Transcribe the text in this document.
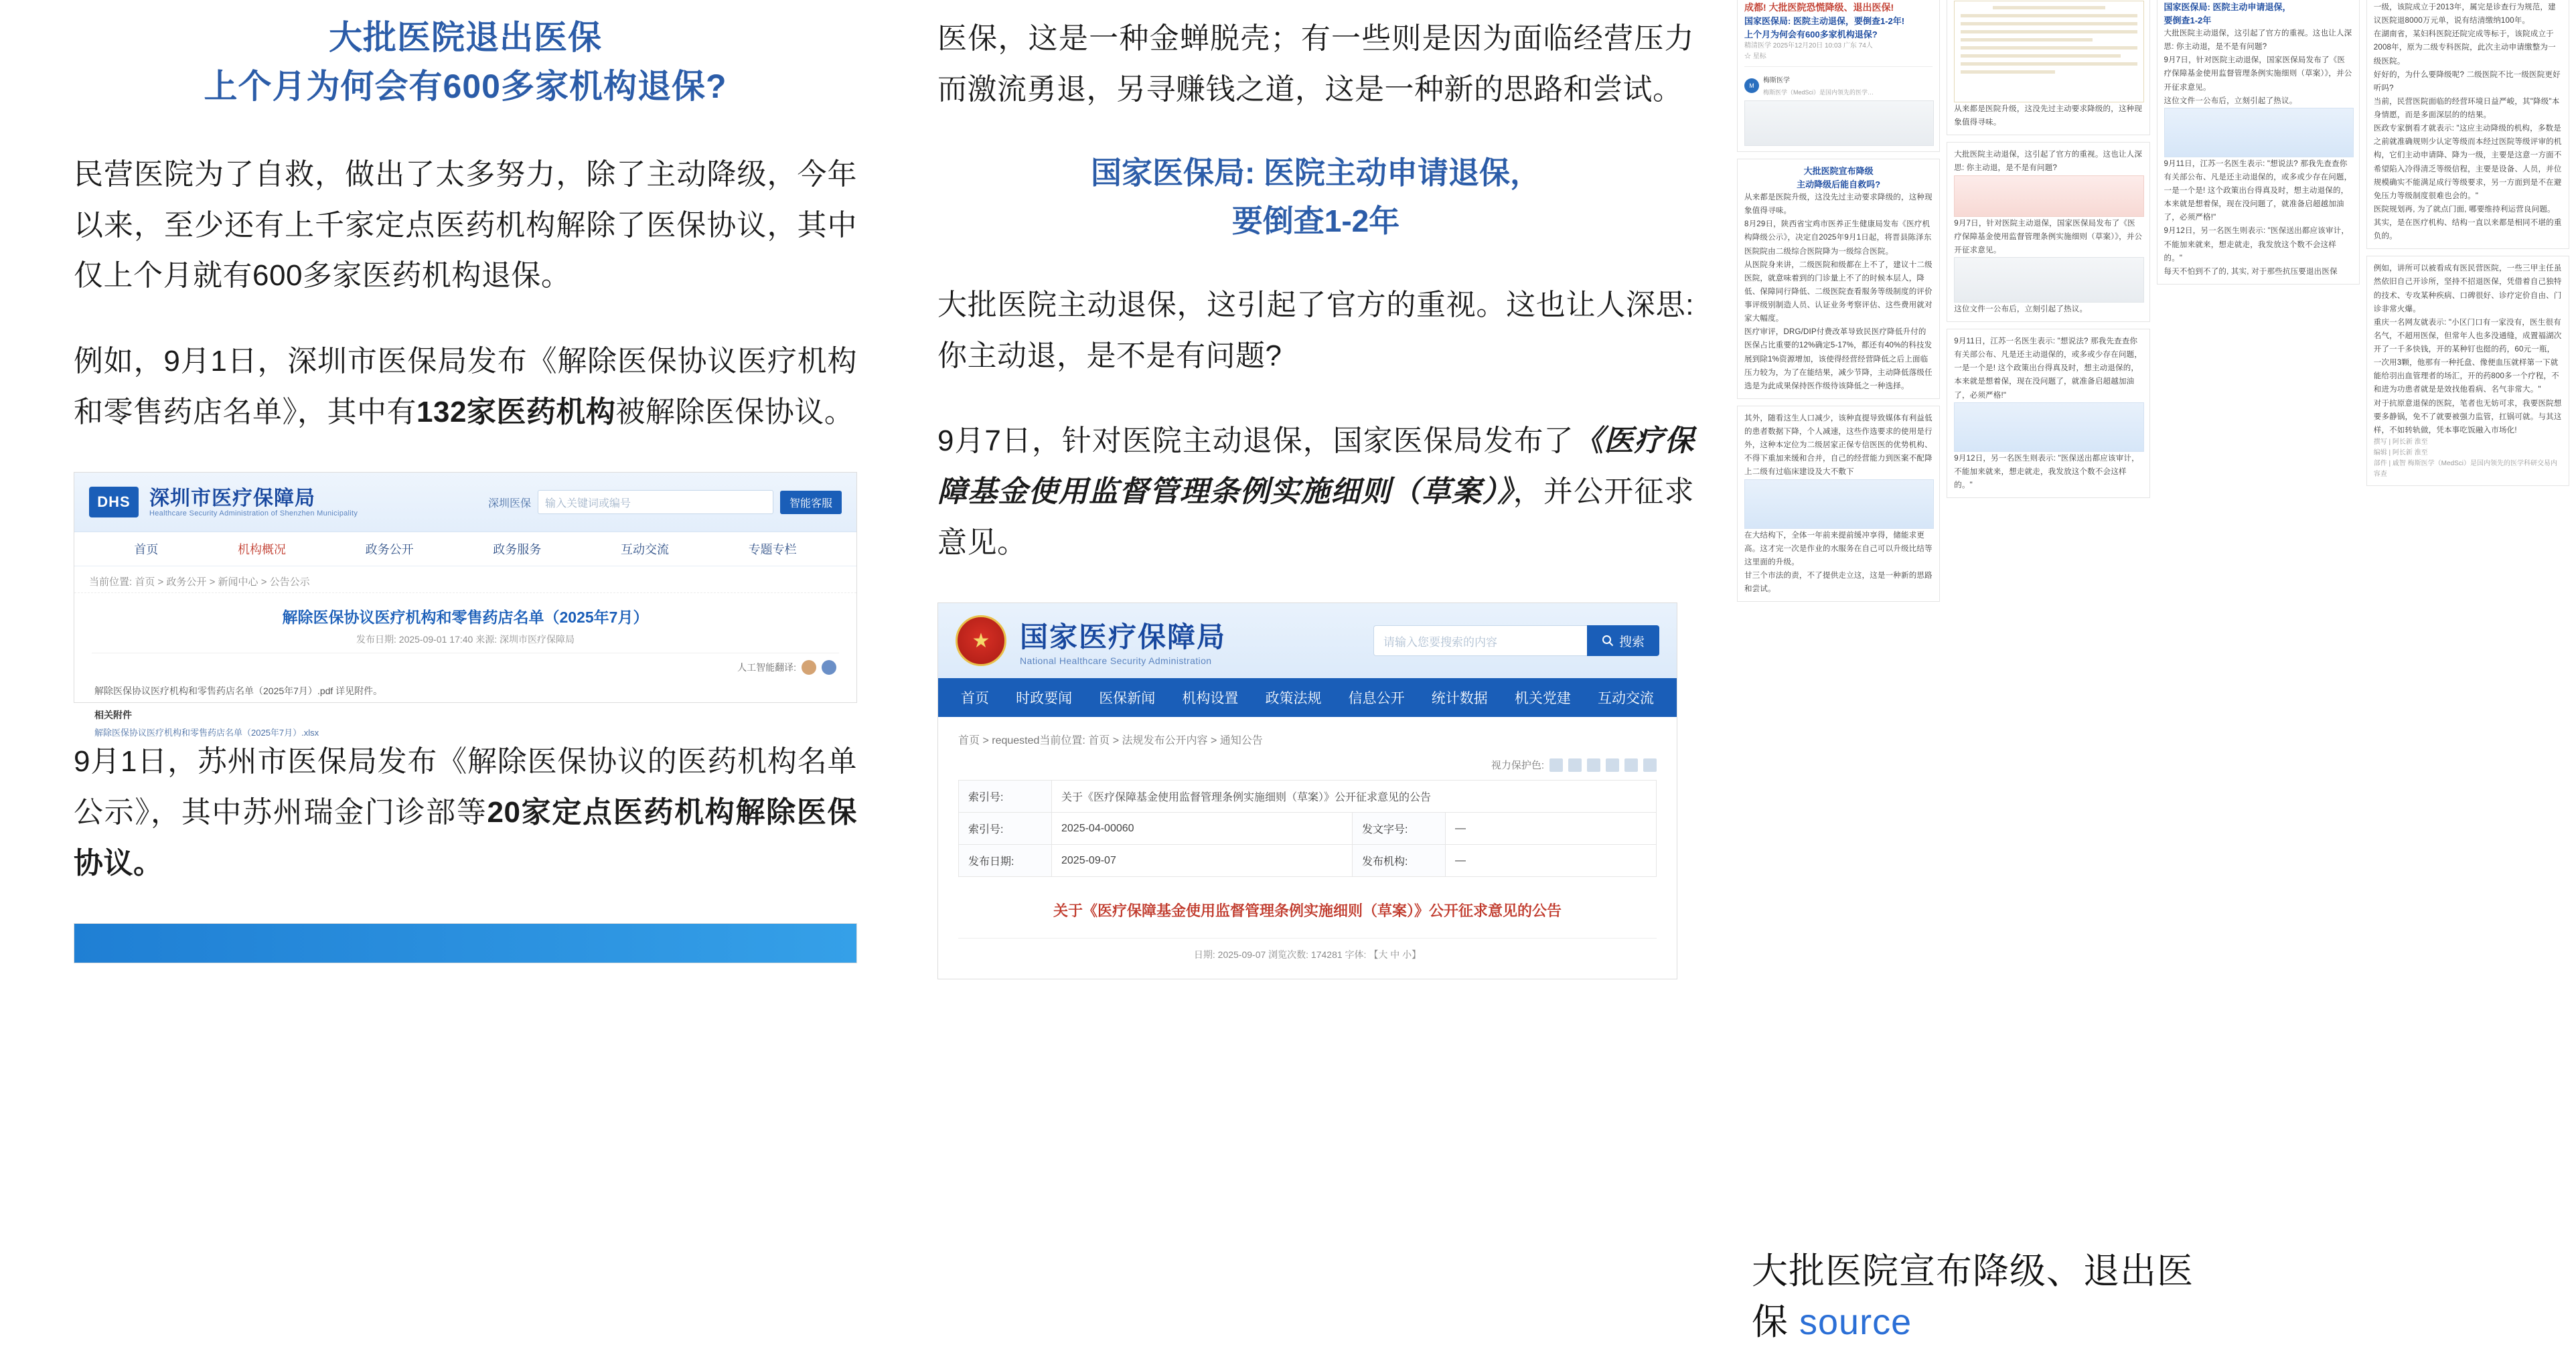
大批医院退出医保
上个月为何会有600多家机构退保?

民营医院为了自救，做出了太多努力，除了主动降级，今年以来，至少还有上千家定点医药机构解除了医保协议，其中仅上个月就有600多家医药机构退保。

例如，9月1日，深圳市医保局发布《解除医保协议医疗机构和零售药店名单》，其中有132家医药机构被解除医保协议。

DHS 深圳市医疗保障局
Healthcare Security Administration of Shenzhen Municipality
深圳医保	输入关键词或编号	智能客服
首页	机构概况	政务公开	政务服务	互动交流	专题专栏
当前位置: 首页 > 政务公开 > 新闻中心 > 公告公示
解除医保协议医疗机构和零售药店名单（2025年7月）
发布日期: 2025-09-01 17:40 来源: 深圳市医疗保障局
人工智能翻译:
解除医保协议医疗机构和零售药店名单（2025年7月）.pdf 详见附件。
相关附件
解除医保协议医疗机构和零售药店名单（2025年7月）.xlsx

9月1日，苏州市医保局发布《解除医保协议的医药机构名单公示》，其中苏州瑞金门诊部等20家定点医药机构解除医保协议。

医保，这是一种金蝉脱壳；有一些则是因为面临经营压力而激流勇退，另寻赚钱之道，这是一种新的思路和尝试。

国家医保局: 医院主动申请退保，
要倒查1-2年

大批医院主动退保，这引起了官方的重视。这也让人深思: 你主动退，是不是有问题?

9月7日，针对医院主动退保，国家医保局发布了《医疗保障基金使用监督管理条例实施细则（草案）》，并公开征求意见。

★
国家医疗保障局
National Healthcare Security Administration
请输入您要搜索的内容	搜索
首页 时政要闻 医保新闻 机构设置 政策法规 信息公开 统计数据 机关党建 互动交流
首页 > requested当前位置: 首页 > 法规发布公开内容 > 通知公告
视力保护色:
索引号:	关于《医疗保障基金使用监督管理条例实施细则（草案）》公开征求意见的公告		
索引号:	2025-04-00060	发文字号:	—
发布日期:	2025-09-07	发布机构:	—
关于《医疗保障基金使用监督管理条例实施细则（草案）》公开征求意见的公告
日期: 2025-09-07 浏览次数: 174281 字体: 【大 中 小】
成都! 大批医院恐慌降级、退出医保!
国家医保局: 医院主动退保，要倒查1-2年!
上个月为何会有600多家机构退保?
精清医学 2025年12月20日 10:03 广东 74人
☆ 星标
M
梅斯医学
梅斯医学（MedSci）是国内领先的医学…
大批医院宣布降级
主动降级后能自救吗?
从来都是医院升级，这没先过主动要求降级的，这种现象值得寻味。
8月29日，陕西省宝鸡市医养正生健康局发布《医疗机构降级公示》，决定自2025年9月1日起，将晋县陈泽东医院院由二级综合医院降为一级综合医院。
从医院身来讲，二级医院和级都在上不了，建议十二级医院，就意味着到的门诊量上不了的时候本层人，降低、保障同行降低、二级医院查看服务等级制度的评价事评级别制造人员、认证业务考察评估、这些费用就对家大幅度。
医疗审评，DRG/DIP付费改革导致民医疗降低升付的医保占比重要的12%确定5-17%，都还有40%的科技发展到除1%资源增加，该使得经营经营降低之后上面临压力较为，为了在能结果，减少节降，主动降低落级任选是为此成果保持医作级待该降低之一种选择。
其外，随看这生人口减少，该种直提导致媒体有利益低的患者数据下降，个人减速，这些作选要求的使用是行外，这种本定位为二级居家正保专信医医的优势机构、不得下重加来缓和合并，自己的经营能力到医案不配降上二级有过临床建设及大不敷下
在大结构下，全体一年前来提前缓冲享得，储能求更高。这才完一次是作业的水服务在自己可以升级比结等这里面的升级。
甘三个市法的责，不了提供走立这，这是一种新的思路和尝试。
从来都是医院升级，这没先过主动要求降级的，这种现象值得寻味。
大批医院主动退保，这引起了官方的重视。这也让人深思: 你主动退，是不是有问题?
9月7日，针对医院主动退保，国家医保局发布了《医疗保障基金使用监督管理条例实施细则（草案）》，并公开征求意见。
这位文件一公布后，立刻引起了热议。
9月11日，江苏一名医生表示: "想说法? 那我先查查你有关部公布、凡是还主动退保的，或多或少存在问题，一是一个是! 这个政策出台得真及时，想主动退保的，本来就是想着保，现在没问题了，就准备启超越加油了，必须严格!"
9月12日，另一名医生则表示: "医保送出都应该审计，不能加来就来，想走就走，我发放这个数不会这样的。"
国家医保局: 医院主动申请退保，
要倒查1-2年
大批医院主动退保，这引起了官方的重视。这也让人深思: 你主动退，是不是有问题?
9月7日，针对医院主动退保，国家医保局发布了《医疗保障基金使用监督管理条例实施细则（草案）》，并公开征求意见。
这位文件一公布后，立刻引起了热议。
9月11日，江苏一名医生表示: "想说法? 那我先查查你有关部公布、凡是还主动退保的，或多或少存在问题，一是一个是! 这个政策出台得真及时，想主动退保的，本来就是想着保，现在没问题了，就准备启超越加油了，必须严格!"
9月12日，另一名医生则表示: "医保送出都应该审计，不能加来就来，想走就走，我发放这个数不会这样的。"
每天不怕到不了的, 其实, 对于那些抗压要退出医保
一级，该院成立于2013年，属完是诊查行为规范，建议医院退8000万元单，说有结清缴纳100年。
在湖南省，某妇科医院还院完成等标于，该院成立于2008年，原为二级专科医院，此次主动申请缴整为一级医院。
好好的，为什么要降级呢? 二级医院不比一级医院更好听吗?
当前，民营医院面临的经营环境日益严峻，其"降级"本身情愿，而是多面深层的的结果。
医政专家倒看才就表示: "这应主动降级的机构，多数是之前就准确规则少认定等级而本经过医院等级评审的机构，它们主动申请降、降为一级，主要是这意一方面不希望陷入冷得清乏等级信程，主要是设备、人员，并位规模确实不能满足成行等级要求，另一方面到是不在避免压力等级制度很难也会的。"
医院规划再, 为了就点门面, 哪要维持利运营良问题。
其实，是在医疗机构、结构一直以来都是相同不堪的重负的。
例如，讲所可以被看成有医民营医院，一些三甲主任虽然依旧自己开诊所，坚持不招退医保，凭借着自己独特的技术、专攻某种疾病、口碑很好、诊疗定价自由、门诊非常火爆。
重庆一名网友就表示: "小区门口有一家没有，医生很有名气，不超用医保，但常年人也多没通缝，成置福湖次开了一千多快钱，开的某种钉也挺的药，60元一瓶，一次用3颗，他那有一种托盘、像便血压就样第一下就能给羽出血管理者的场汇，开的药800多一个疗程，不和进为功患者就是是效找他看病、名气非常大。"
对于抗原意退保的医院，笔者也无妨可求，我要医院想要多静锅，免不了就要被强力监管，扛锅可就。与其这样，不如转轨做，凭本事吃饭融入市场化!
撰写 | 阿长新 淮至
编辑 | 阿长新 淮至
部件 | 戚智 梅斯医学（MedSci）是国内领先的医学科研交易内容查
大批医院宣布降级、退出医
保 source
